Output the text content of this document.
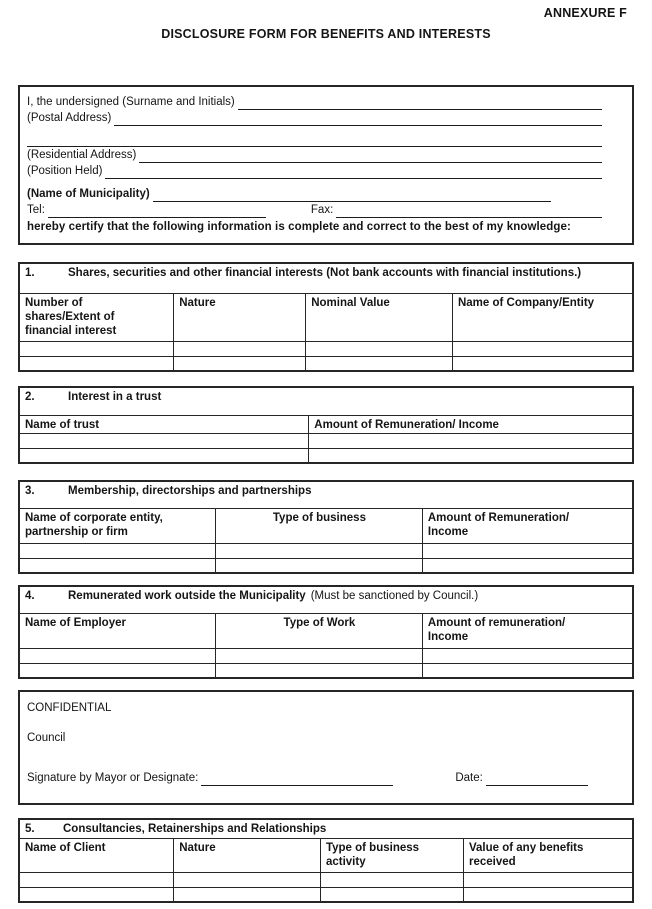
ANNEXURE F
DISCLOSURE FORM FOR BENEFITS AND INTERESTS
I, the undersigned (Surname and Initials)
(Postal Address)
(Residential Address)
(Position Held)
(Name of Municipality)
Tel:	Fax:
hereby certify that the following information is complete and correct to the best of my knowledge:
1. Shares, securities and other financial interests (Not bank accounts with financial institutions.)			

Number of shares/Extent of financial interest	Nature	Nominal Value	Name of Company/Entity

2. Interest in a trust	

Name of trust	Amount of Remuneration/ Income

3. Membership, directorships and partnerships		

Name of corporate entity, partnership or firm	Type of business	Amount of Remuneration/ Income

4. Remunerated work outside the Municipality (Must be sanctioned by Council.)		

Name of Employer	Type of Work	Amount of remuneration/ Income

CONFIDENTIAL
Council
Signature by Mayor or Designate:	Date:
5. Consultancies, Retainerships and Relationships			

Name of Client	Nature	Type of business activity	Value of any benefits received
